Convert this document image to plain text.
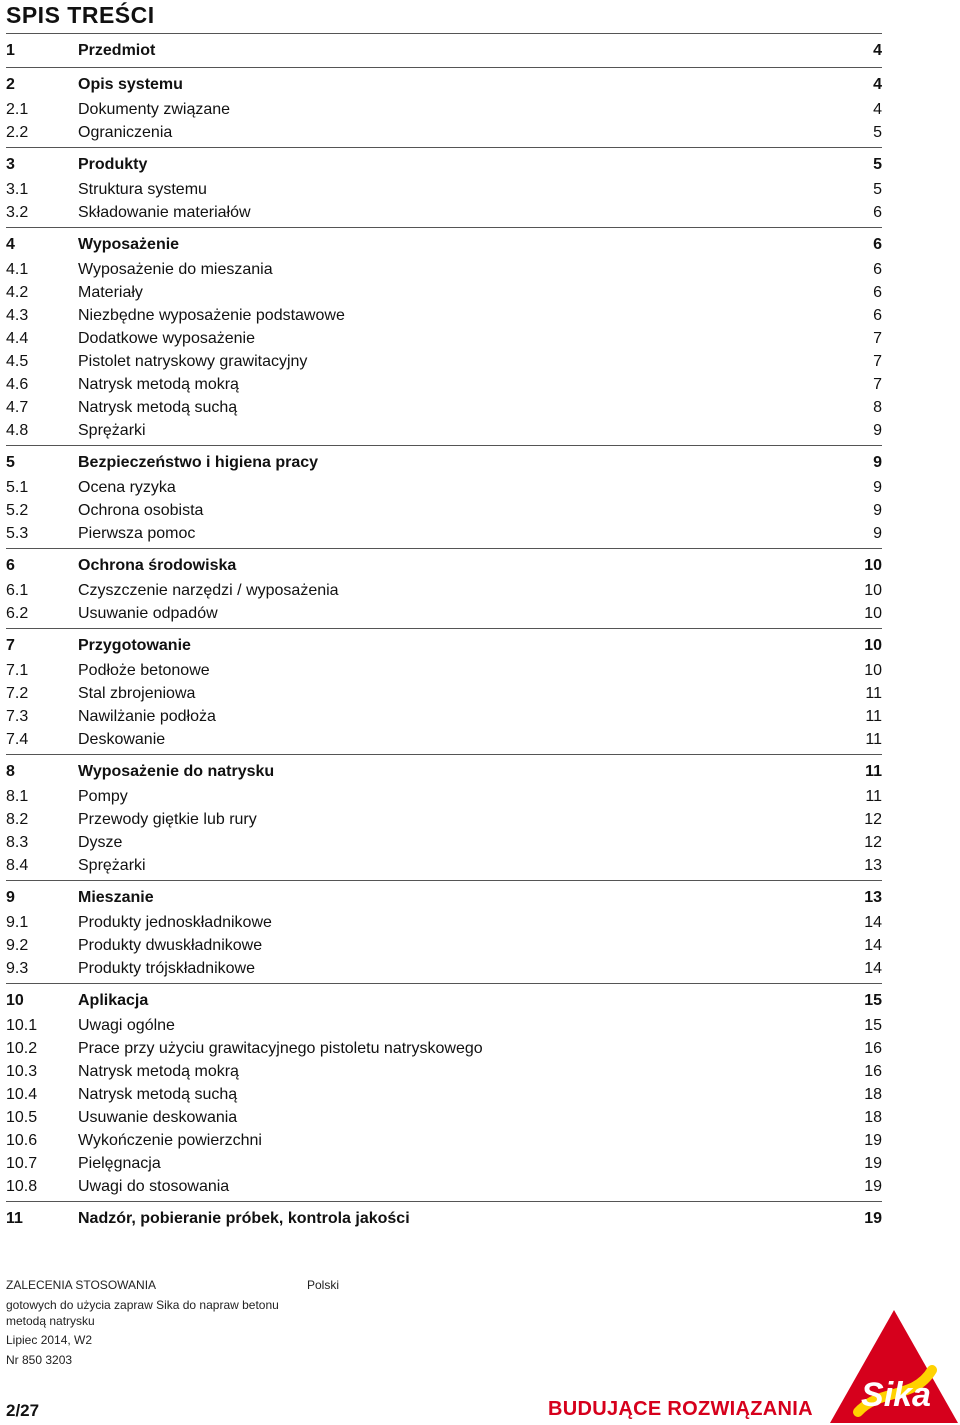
SPIS TREŚCI
1	Przedmiot	4
2	Opis systemu	4
2.1	Dokumenty związane	4
2.2	Ograniczenia	5
3	Produkty	5
3.1	Struktura systemu	5
3.2	Składowanie materiałów	6
4	Wyposażenie	6
4.1	Wyposażenie do mieszania	6
4.2	Materiały	6
4.3	Niezbędne wyposażenie podstawowe	6
4.4	Dodatkowe wyposażenie	7
4.5	Pistolet natryskowy grawitacyjny	7
4.6	Natrysk metodą mokrą	7
4.7	Natrysk metodą suchą	8
4.8	Sprężarki	9
5	Bezpieczeństwo i higiena pracy	9
5.1	Ocena ryzyka	9
5.2	Ochrona osobista	9
5.3	Pierwsza pomoc	9
6	Ochrona środowiska	10
6.1	Czyszczenie narzędzi / wyposażenia	10
6.2	Usuwanie odpadów	10
7	Przygotowanie	10
7.1	Podłoże betonowe	10
7.2	Stal zbrojeniowa	11
7.3	Nawilżanie podłoża	11
7.4	Deskowanie	11
8	Wyposażenie do natrysku	11
8.1	Pompy	11
8.2	Przewody giętkie lub rury	12
8.3	Dysze	12
8.4	Sprężarki	13
9	Mieszanie	13
9.1	Produkty jednoskładnikowe	14
9.2	Produkty dwuskładnikowe	14
9.3	Produkty trójskładnikowe	14
10	Aplikacja	15
10.1	Uwagi ogólne	15
10.2	Prace przy użyciu grawitacyjnego pistoletu natryskowego	16
10.3	Natrysk metodą mokrą	16
10.4	Natrysk metodą suchą	18
10.5	Usuwanie deskowania	18
10.6	Wykończenie powierzchni	19
10.7	Pielęgnacja	19
10.8	Uwagi do stosowania	19
11	Nadzór, pobieranie próbek, kontrola jakości	19
ZALECENIA STOSOWANIA	Polski
gotowych do użycia zapraw Sika do napraw betonu
metodą natrysku
Lipiec 2014, W2
Nr 850 3203
2/27	BUDUJĄCE ROZWIĄZANIA Sika
